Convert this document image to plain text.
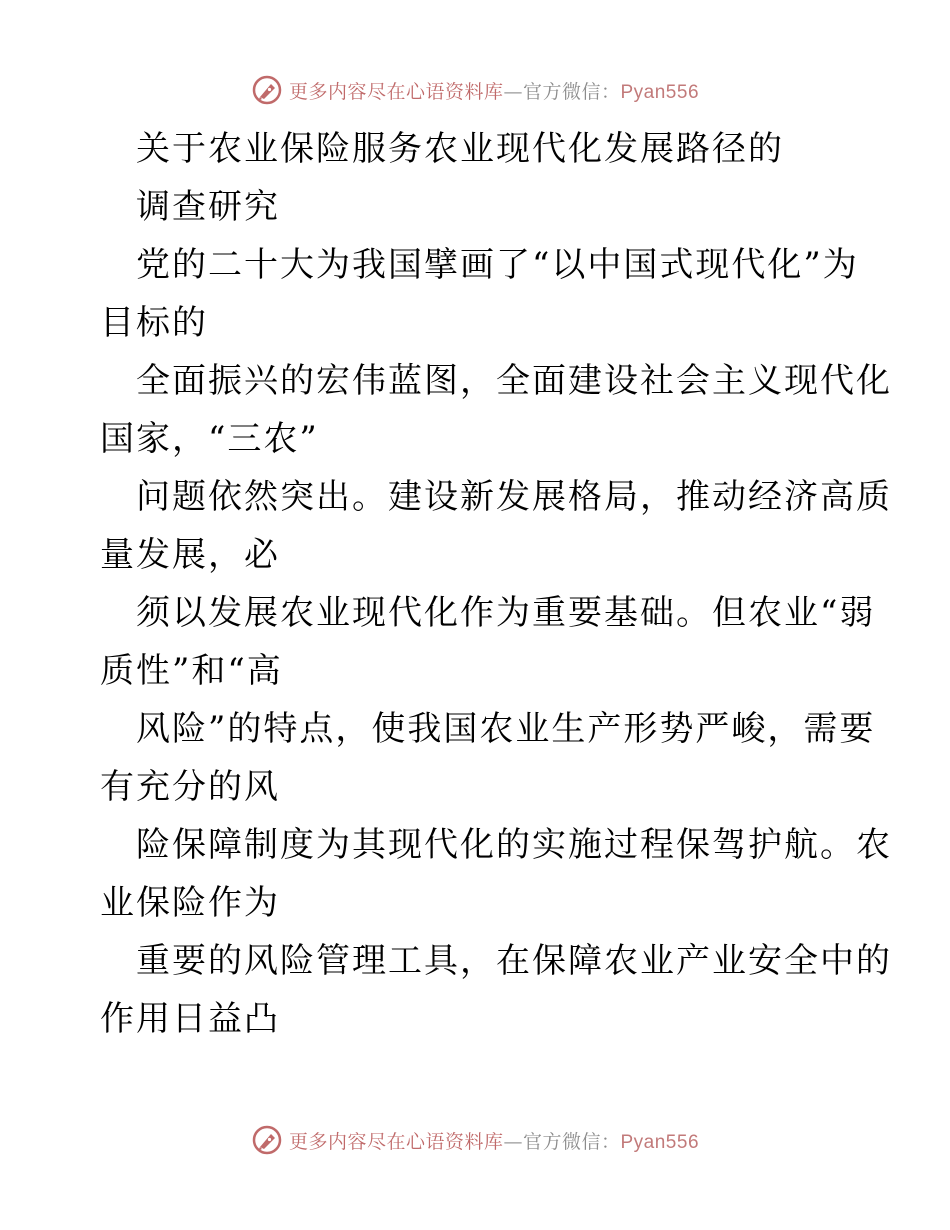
更多内容尽在心语资料库—官方微信：Pyan556
关于农业保险服务农业现代化发展路径的
调查研究
党的二十大为我国擘画了“以中国式现代化”为
目标的
全面振兴的宏伟蓝图，全面建设社会主义现代化
国家，“三农”
问题依然突出。建设新发展格局，推动经济高质
量发展，必
须以发展农业现代化作为重要基础。但农业“弱
质性”和“高
风险”的特点，使我国农业生产形势严峻，需要
有充分的风
险保障制度为其现代化的实施过程保驾护航。农
业保险作为
重要的风险管理工具，在保障农业产业安全中的
作用日益凸
更多内容尽在心语资料库—官方微信：Pyan556
